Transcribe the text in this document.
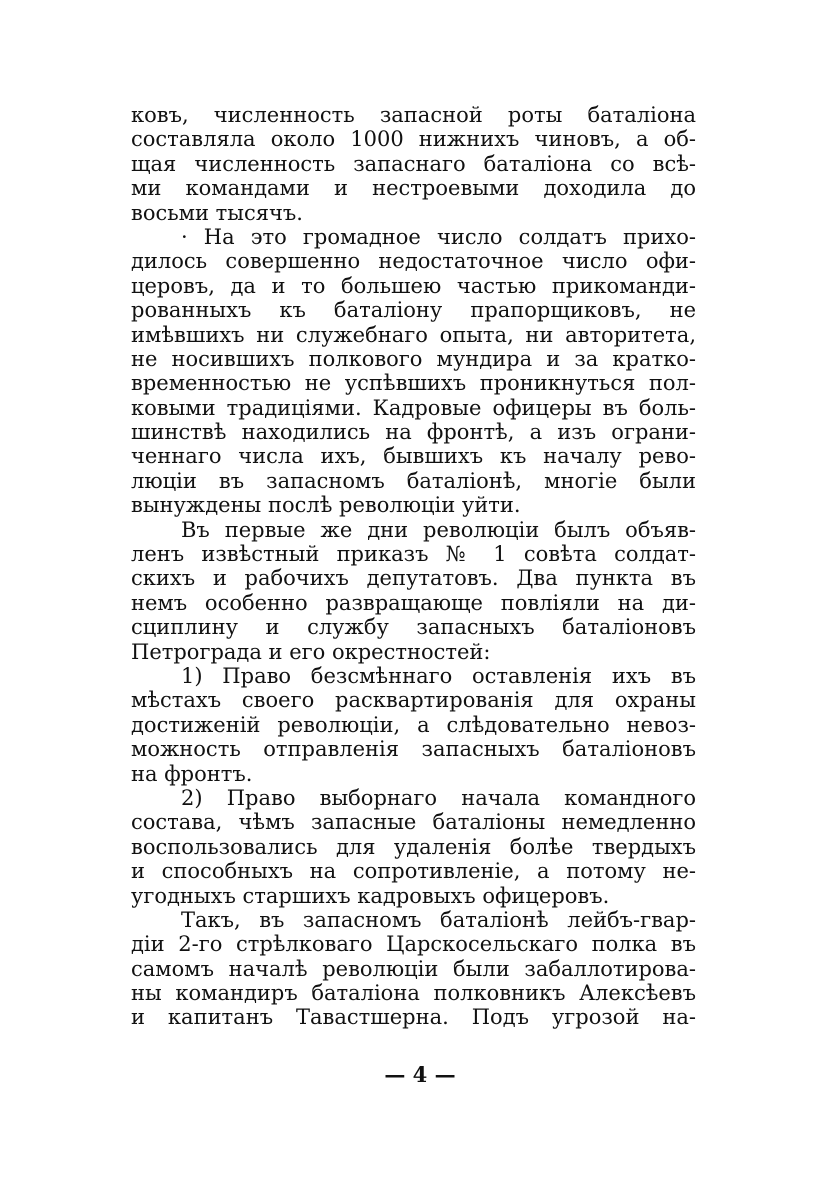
ковъ, численность запасной роты баталіона
составляла около 1000 нижнихъ чиновъ, а об-
щая численность запаснаго баталіона со всѣ-
ми командами и нестроевыми доходила до
восьми тысячъ.
· На это громадное число солдатъ прихо-
дилось совершенно недостаточное число офи-
церовъ, да и то большею частью прикоманди-
рованныхъ къ баталіону прапорщиковъ, не
имѣвшихъ ни служебнаго опыта, ни авторитета,
не носившихъ полкового мундира и за кратко-
временностью не успѣвшихъ проникнуться пол-
ковыми традиціями. Кадровые офицеры въ боль-
шинствѣ находились на фронтѣ, а изъ ограни-
ченнаго числа ихъ, бывшихъ къ началу рево-
люціи въ запасномъ баталіонѣ, многіе были
вынуждены послѣ революціи уйти.
Въ первые же дни революціи былъ объяв-
ленъ извѣстный приказъ № 1 совѣта солдат-
скихъ и рабочихъ депутатовъ. Два пункта въ
немъ особенно развращающе повліяли на ди-
сциплину и службу запасныхъ баталіоновъ
Петрограда и его окрестностей:
1) Право безсмѣннаго оставленія ихъ въ
мѣстахъ своего расквартированія для охраны
достиженій революціи, а слѣдовательно невоз-
можность отправленія запасныхъ баталіоновъ
на фронтъ.
2) Право выборнаго начала командного
состава, чѣмъ запасные баталіоны немедленно
воспользовались для удаленія болѣе твердыхъ
и способныхъ на сопротивленіе, а потому не-
угодныхъ старшихъ кадровыхъ офицеровъ.
Такъ, въ запасномъ баталіонѣ лейбъ-гвар-
діи 2-го стрѣлковаго Царскосельскаго полка въ
самомъ началѣ революціи были забаллотирова-
ны командиръ баталіона полковникъ Алексѣевъ
и капитанъ Тавастшерна. Подъ угрозой на-
— 4 —
